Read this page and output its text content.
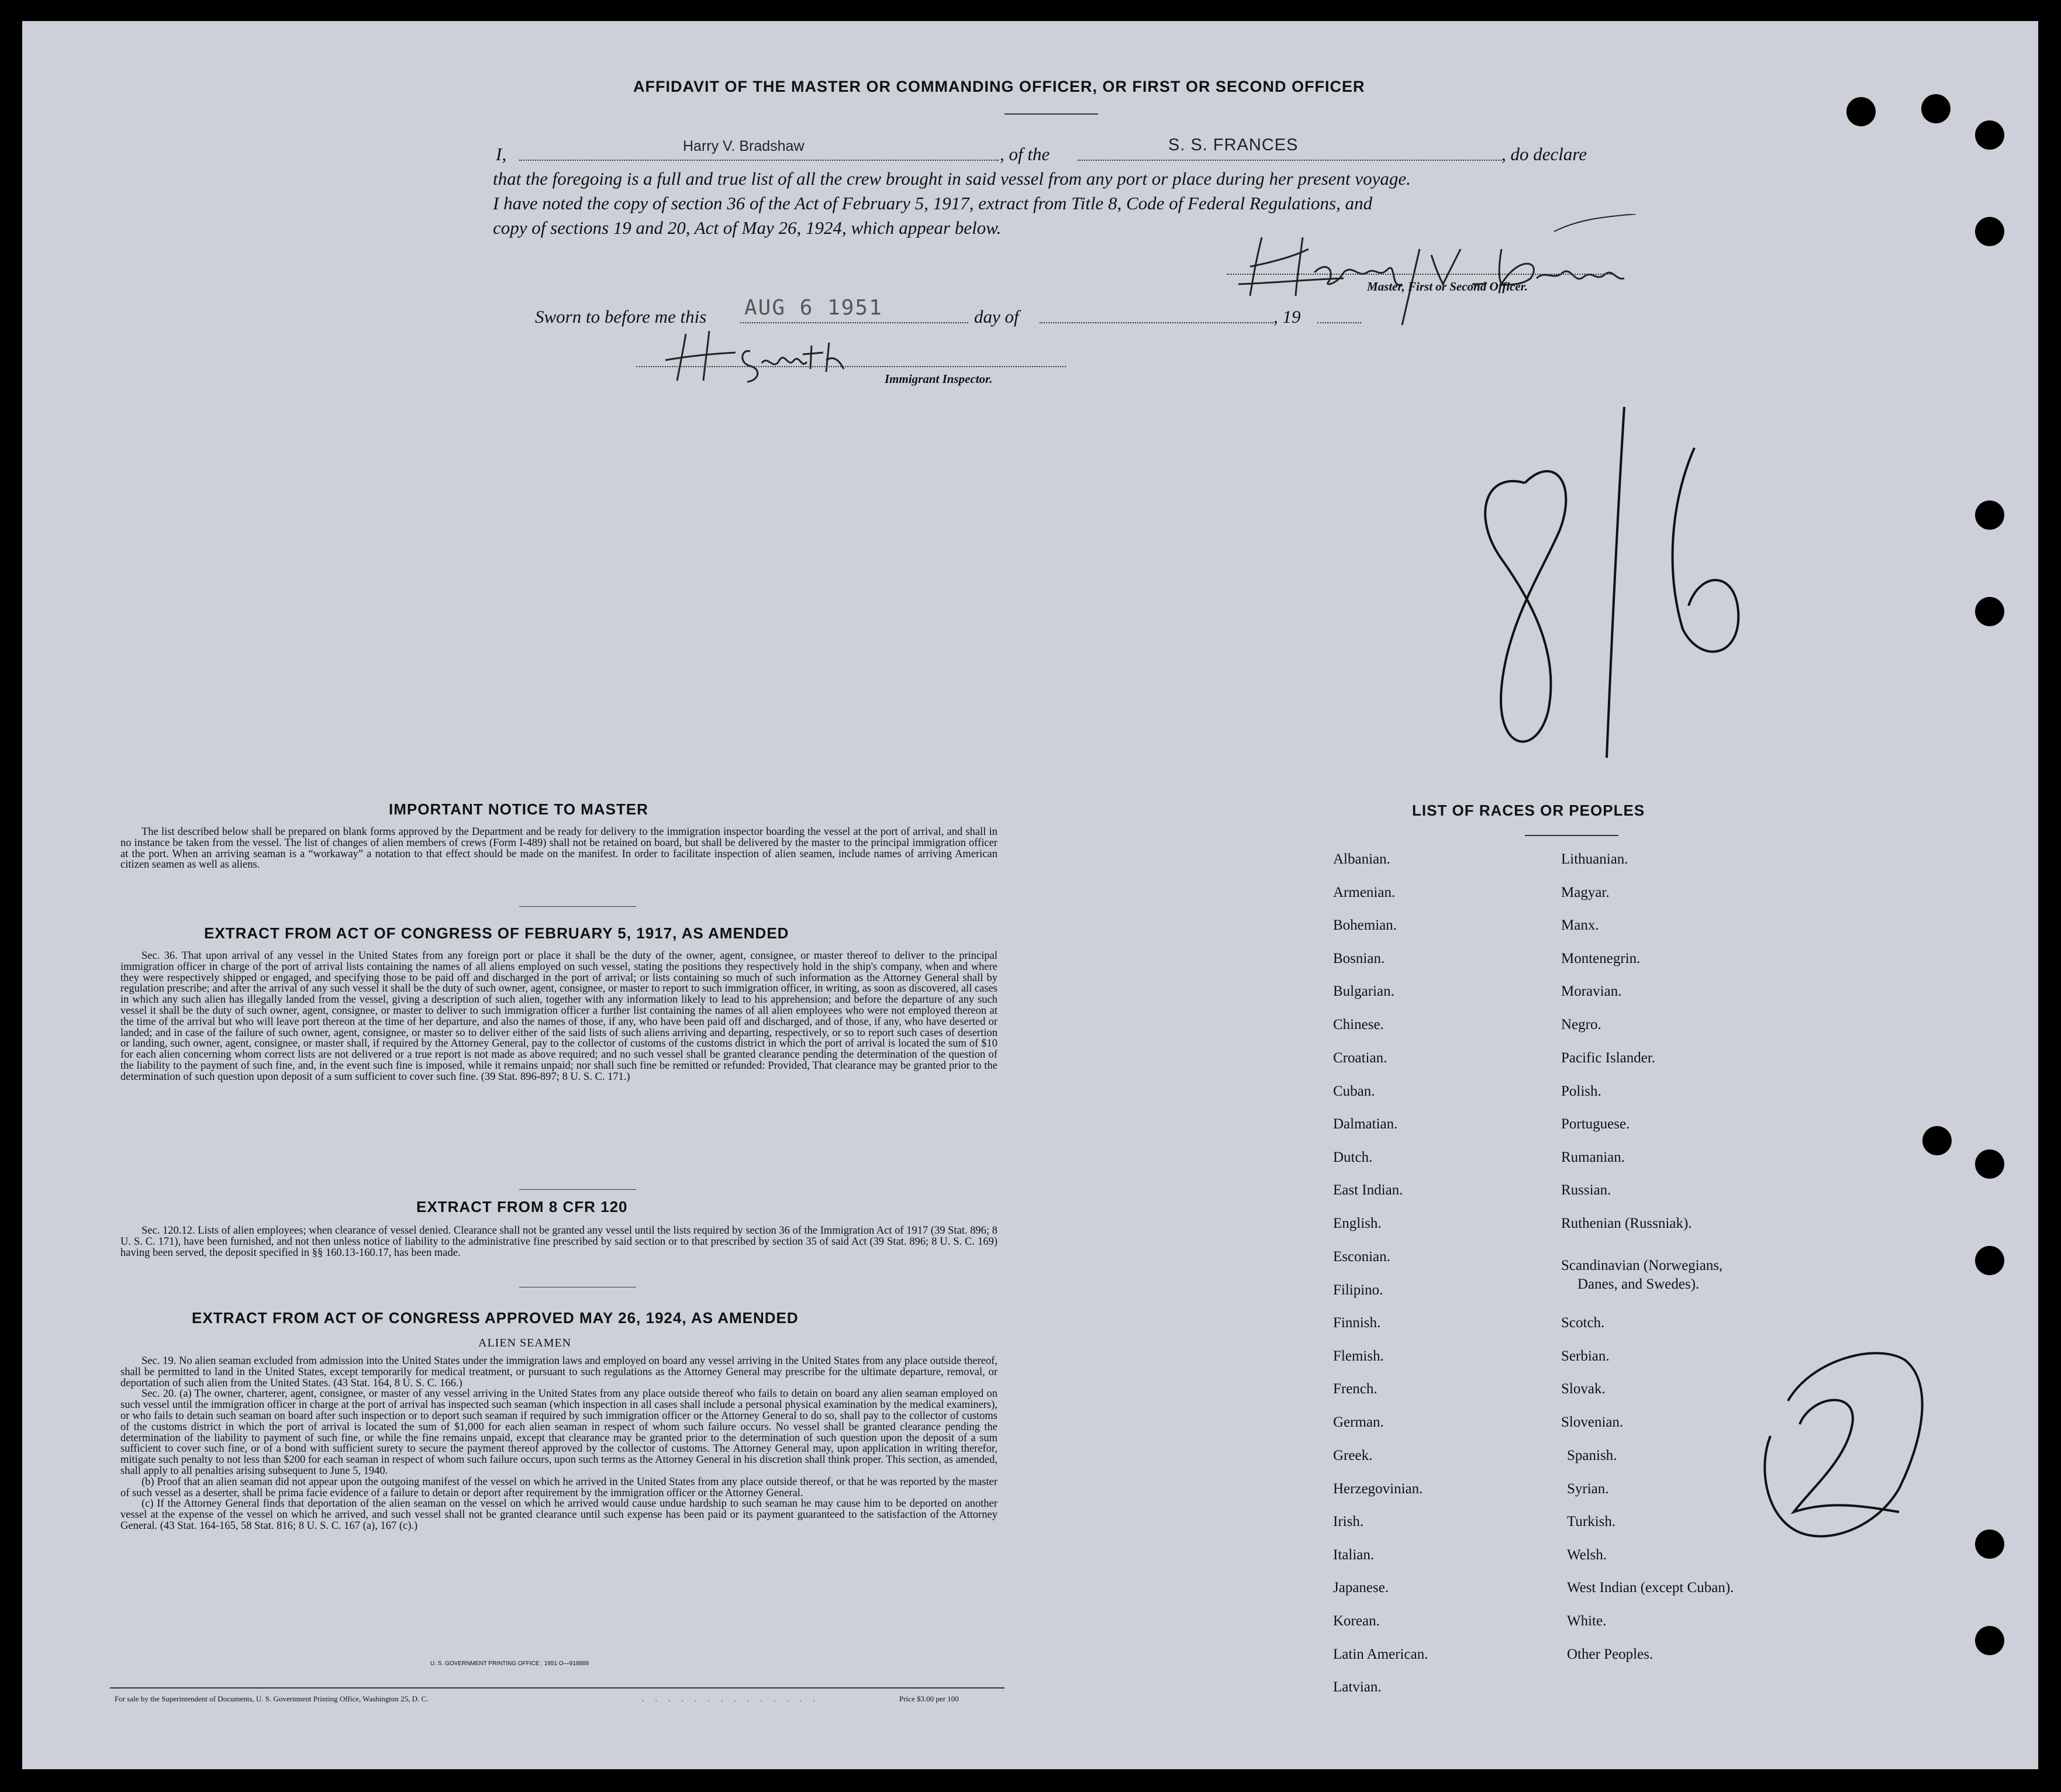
AFFIDAVIT OF THE MASTER OR COMMANDING OFFICER, OR FIRST OR SECOND OFFICER
I,	Harry V. Bradshaw	, of the	S. S. FRANCES	, do declare
that the foregoing is a full and true list of all the crew brought in said vessel from any port or place during her present voyage.
I have noted the copy of section 36 of the Act of February 5, 1917, extract from Title 8, Code of Federal Regulations, and
copy of sections 19 and 20, Act of May 26, 1924, which appear below.
Master, First or Second Officer.
Sworn to before me this AUG 6 1951	day of	, 19
Immigrant Inspector.
IMPORTANT NOTICE TO MASTER

The list described below shall be prepared on blank forms approved by the Department and be ready for delivery to the immigration inspector boarding the vessel at the port of arrival, and shall in no instance be taken from the vessel. The list of changes of alien members of crews (Form I-489) shall not be retained on board, but shall be delivered by the master to the principal immigration officer at the port. When an arriving seaman is a “workaway” a notation to that effect should be made on the manifest. In order to facilitate inspection of alien seamen, include names of arriving American citizen seamen as well as aliens.

EXTRACT FROM ACT OF CONGRESS OF FEBRUARY 5, 1917, AS AMENDED

Sec. 36. That upon arrival of any vessel in the United States from any foreign port or place it shall be the duty of the owner, agent, consignee, or master thereof to deliver to the principal immigration officer in charge of the port of arrival lists containing the names of all aliens employed on such vessel, stating the positions they respectively hold in the ship's company, when and where they were respectively shipped or engaged, and specifying those to be paid off and discharged in the port of arrival; or lists containing so much of such information as the Attorney General shall by regulation prescribe; and after the arrival of any such vessel it shall be the duty of such owner, agent, consignee, or master to report to such immigration officer, in writing, as soon as discovered, all cases in which any such alien has illegally landed from the vessel, giving a description of such alien, together with any information likely to lead to his apprehension; and before the departure of any such vessel it shall be the duty of such owner, agent, consignee, or master to deliver to such immigration officer a further list containing the names of all alien employees who were not employed thereon at the time of the arrival but who will leave port thereon at the time of her departure, and also the names of those, if any, who have been paid off and discharged, and of those, if any, who have deserted or landed; and in case of the failure of such owner, agent, consignee, or master so to deliver either of the said lists of such aliens arriving and departing, respectively, or so to report such cases of desertion or landing, such owner, agent, consignee, or master shall, if required by the Attorney General, pay to the collector of customs of the customs district in which the port of arrival is located the sum of $10 for each alien concerning whom correct lists are not delivered or a true report is not made as above required; and no such vessel shall be granted clearance pending the determination of the question of the liability to the payment of such fine, and, in the event such fine is imposed, while it remains unpaid; nor shall such fine be remitted or refunded: Provided, That clearance may be granted prior to the determination of such question upon deposit of a sum sufficient to cover such fine. (39 Stat. 896-897; 8 U. S. C. 171.)

EXTRACT FROM 8 CFR 120

Sec. 120.12. Lists of alien employees; when clearance of vessel denied. Clearance shall not be granted any vessel until the lists required by section 36 of the Immigration Act of 1917 (39 Stat. 896; 8 U. S. C. 171), have been furnished, and not then unless notice of liability to the administrative fine prescribed by said section or to that prescribed by section 35 of said Act (39 Stat. 896; 8 U. S. C. 169) having been served, the deposit specified in §§ 160.13-160.17, has been made.

EXTRACT FROM ACT OF CONGRESS APPROVED MAY 26, 1924, AS AMENDED
ALIEN SEAMEN

Sec. 19. No alien seaman excluded from admission into the United States under the immigration laws and employed on board any vessel arriving in the United States from any place outside thereof, shall be permitted to land in the United States, except temporarily for medical treatment, or pursuant to such regulations as the Attorney General may prescribe for the ultimate departure, removal, or deportation of such alien from the United States. (43 Stat. 164, 8 U. S. C. 166.)

Sec. 20. (a) The owner, charterer, agent, consignee, or master of any vessel arriving in the United States from any place outside thereof who fails to detain on board any alien seaman employed on such vessel until the immigration officer in charge at the port of arrival has inspected such seaman (which inspection in all cases shall include a personal physical examination by the medical examiners), or who fails to detain such seaman on board after such inspection or to deport such seaman if required by such immigration officer or the Attorney General to do so, shall pay to the collector of customs of the customs district in which the port of arrival is located the sum of $1,000 for each alien seaman in respect of whom such failure occurs. No vessel shall be granted clearance pending the determination of the liability to payment of such fine, or while the fine remains unpaid, except that clearance may be granted prior to the determination of such question upon the deposit of a sum sufficient to cover such fine, or of a bond with sufficient surety to secure the payment thereof approved by the collector of customs. The Attorney General may, upon application in writing therefor, mitigate such penalty to not less than $200 for each seaman in respect of whom such failure occurs, upon such terms as the Attorney General in his discretion shall think proper. This section, as amended, shall apply to all penalties arising subsequent to June 5, 1940.

(b) Proof that an alien seaman did not appear upon the outgoing manifest of the vessel on which he arrived in the United States from any place outside thereof, or that he was reported by the master of such vessel as a deserter, shall be prima facie evidence of a failure to detain or deport after requirement by the immigration officer or the Attorney General.

(c) If the Attorney General finds that deportation of the alien seaman on the vessel on which he arrived would cause undue hardship to such seaman he may cause him to be deported on another vessel at the expense of the vessel on which he arrived, and such vessel shall not be granted clearance until such expense has been paid or its payment guaranteed to the satisfaction of the Attorney General. (43 Stat. 164-165, 58 Stat. 816; 8 U. S. C. 167 (a), 167 (c).)

U. S. GOVERNMENT PRINTING OFFICE : 1951 O—918889
For sale by the Superintendent of Documents, U. S. Government Printing Office, Washington 25, D. C.	. . . . . . . . . . . . . .	Price $3.00 per 100
LIST OF RACES OR PEOPLES
Albanian.
Armenian.
Bohemian.
Bosnian.
Bulgarian.
Chinese.
Croatian.
Cuban.
Dalmatian.
Dutch.
East Indian.
English.
Esconian.
Filipino.
Finnish.
Flemish.
French.
German.
Greek.
Herzegovinian.
Irish.
Italian.
Japanese.
Korean.
Latin American.
Latvian.
Lithuanian.
Magyar.
Manx.
Montenegrin.
Moravian.
Negro.
Pacific Islander.
Polish.
Portuguese.
Rumanian.
Russian.
Ruthenian (Russniak).
Scandinavian (Norwegians,
Danes, and Swedes).
Scotch.
Serbian.
Slovak.
Slovenian.
Spanish.
Syrian.
Turkish.
Welsh.
West Indian (except Cuban).
White.
Other Peoples.
